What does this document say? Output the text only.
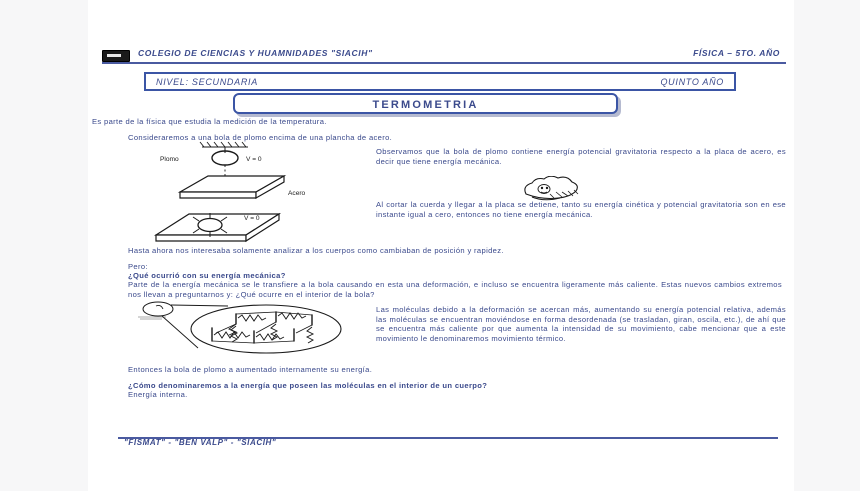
COLEGIO DE CIENCIAS Y HUAMNIDADES "SIACIH"	FÍSICA – 5TO. AÑO
NIVEL: SECUNDARIA	QUINTO AÑO
TERMOMETRIA
Es parte de la física que estudia la medición de la temperatura.
Consideraremos a una bola de plomo encima de una plancha de acero.
Observamos que la bola de plomo contiene energía potencial gravitatoria respecto a la placa de acero, es decir que tiene energía mecánica.
Al cortar la cuerda y llegar a la placa se detiene, tanto su energía cinética y potencial gravitatoria son en ese instante igual a cero, entonces no tiene energía mecánica.
Hasta ahora nos interesaba solamente analizar a los cuerpos como cambiaban de posición y rapidez.
Pero:
¿Qué ocurrió con su energía mecánica?
Parte de la energía mecánica se le transfiere a la bola causando en esta una deformación, e incluso se encuentra ligeramente más caliente. Estas nuevos cambios extremos nos llevan a preguntarnos y: ¿Qué ocurre en el interior de la bola?
Las moléculas debido a la deformación se acercan más, aumentando su energía potencial relativa, además las moléculas se encuentran moviéndose en forma desordenada (se trasladan, giran, oscila, etc.), de ahí que se encuentra más caliente por que aumenta la intensidad de su movimiento, cabe mencionar que a este movimiento le denominaremos movimiento térmico.
Entonces la bola de plomo a aumentado internamente su energía.
¿Cómo denominaremos a la energía que poseen las moléculas en el interior de un cuerpo?
Energía interna.
Plomo	V = 0
Acero
V = 0
"FISMAT" - "BEN VALP" - "SIACIH"
